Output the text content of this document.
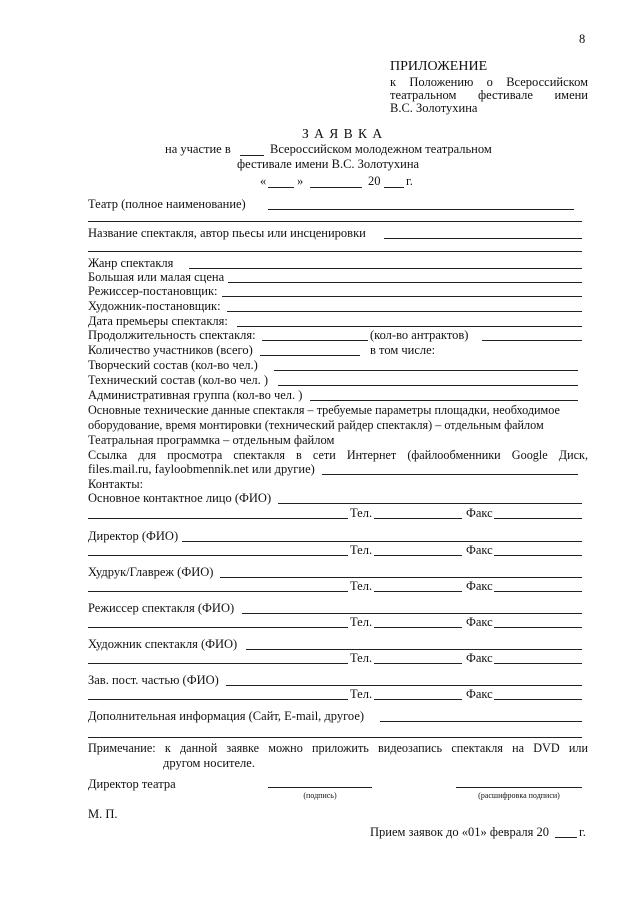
8
ПРИЛОЖЕНИЕ
к Положению о Всероссийском
театральном фестивале имени
В.С. Золотухина
З А Я В К А
на участие в	Всероссийском молодежном театральном
фестивале имени В.С. Золотухина
« »	20 г.
Театр (полное наименование)
Название спектакля, автор пьесы или инсценировки
Жанр спектакля
Большая или малая сцена
Режиссер-постановщик:
Художник-постановщик:
Дата премьеры спектакля:
Продолжительность спектакля:	(кол-во антрактов)
Количество участников (всего)	в том числе:
Творческий состав (кол-во чел.)
Технический состав (кол-во чел. )
Административная группа (кол-во чел. )
Основные технические данные спектакля – требуемые параметры площадки, необходимое
оборудование, время монтировки (технический райдер спектакля) – отдельным файлом
Театральная программка – отдельным файлом
Ссылка для просмотра спектакля в сети Интернет (файлообменники Google Диск,
files.mail.ru, fayloobmennik.net или другие)
Контакты:
Основное контактное лицо (ФИО)
Тел.	Факс
Директор (ФИО)
Тел.	Факс
Худрук/Главреж (ФИО)
Тел.	Факс
Режиссер спектакля (ФИО)
Тел.	Факс
Художник спектакля (ФИО)
Тел.	Факс
Зав. пост. частью (ФИО)
Тел.	Факс
Дополнительная информация (Сайт, E-mail, другое)
Примечание: к данной заявке можно приложить видеозапись спектакля на DVD или
другом носителе.
Директор театра
(подпись)	(расшифровка подписи)
М. П.
Прием заявок до «01» февраля 20 г.
